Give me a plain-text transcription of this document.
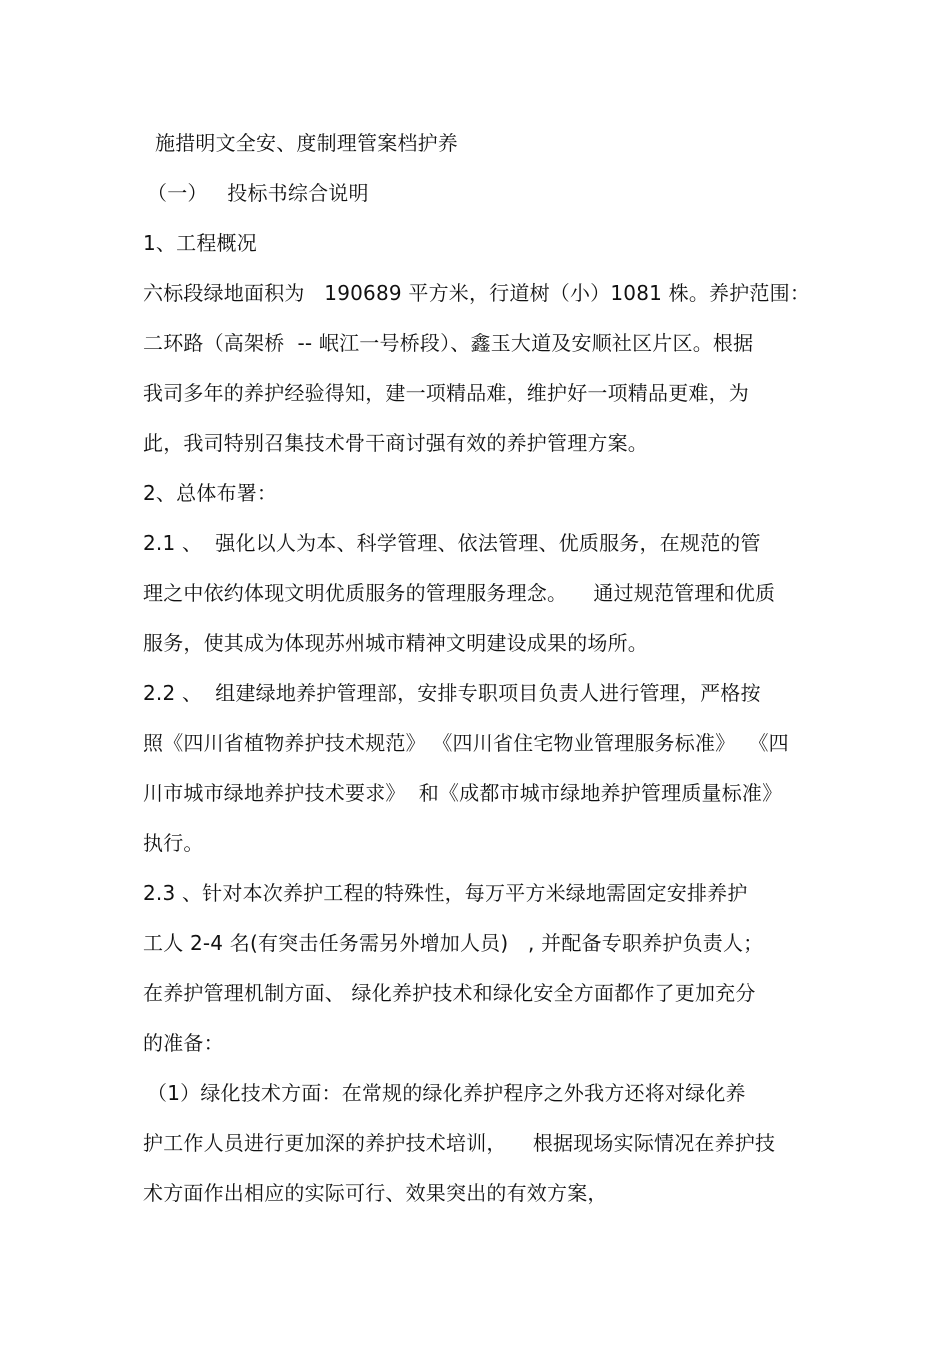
施措明文全安、度制理管案档护养
（一）   投标书综合说明
1、工程概况
六标段绿地面积为   190689 平方米，行道树（小）1081 株。养护范围：
二环路（高架桥  -- 岷江一号桥段）、鑫玉大道及安顺社区片区。根据
我司多年的养护经验得知，建一项精品难，维护好一项精品更难，为
此，我司特别召集技术骨干商讨强有效的养护管理方案。
2、总体布署：
2.1 、  强化以人为本、科学管理、依法管理、优质服务，在规范的管
理之中依约体现文明优质服务的管理服务理念。    通过规范管理和优质
服务，使其成为体现苏州城市精神文明建设成果的场所。
2.2 、  组建绿地养护管理部，安排专职项目负责人进行管理，严格按
照《四川省植物养护技术规范》 《四川省住宅物业管理服务标准》  《四
川市城市绿地养护技术要求》  和《成都市城市绿地养护管理质量标准》
执行。
2.3 、针对本次养护工程的特殊性，每万平方米绿地需固定安排养护
工人 2-4 名(有突击任务需另外增加人员)   , 并配备专职养护负责人；
在养护管理机制方面、 绿化养护技术和绿化安全方面都作了更加充分
的准备：
（1）绿化技术方面：在常规的绿化养护程序之外我方还将对绿化养
护工作人员进行更加深的养护技术培训，    根据现场实际情况在养护技
术方面作出相应的实际可行、效果突出的有效方案，
